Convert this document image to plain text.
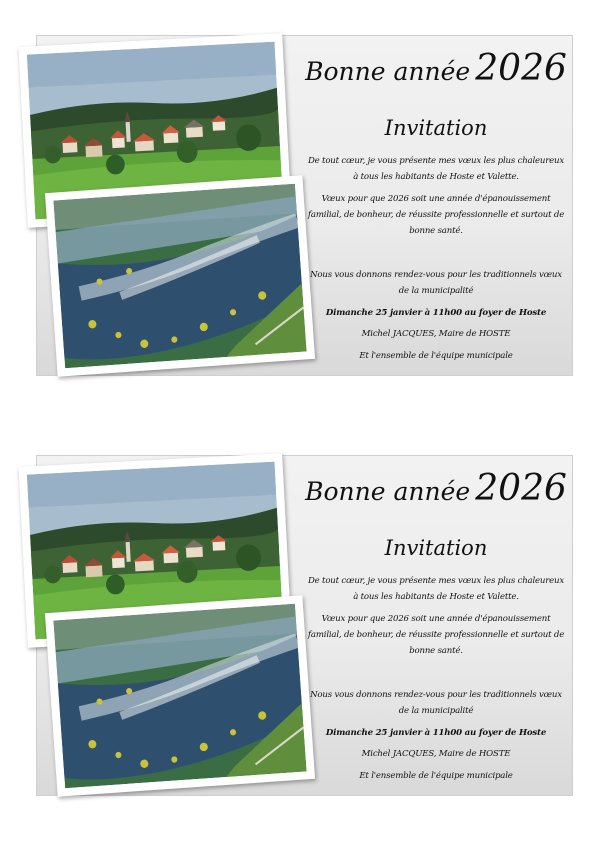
Bonne année 2026
Invitation
De tout cœur, je vous présente mes vœux les plus chaleureux à tous les habitants de Hoste et Valette.
Vœux pour que 2026 soit une année d'épanouissement familial, de bonheur, de réussite professionnelle et surtout de bonne santé.
Nous vous donnons rendez-vous pour les traditionnels vœux de la municipalité
Dimanche 25 janvier à 11h00 au foyer de Hoste
Michel JACQUES, Maire de HOSTE
Et l'ensemble de l'équipe municipale
Bonne année 2026
Invitation
De tout cœur, je vous présente mes vœux les plus chaleureux à tous les habitants de Hoste et Valette.
Vœux pour que 2026 soit une année d'épanouissement familial, de bonheur, de réussite professionnelle et surtout de bonne santé.
Nous vous donnons rendez-vous pour les traditionnels vœux de la municipalité
Dimanche 25 janvier à 11h00 au foyer de Hoste
Michel JACQUES, Maire de HOSTE
Et l'ensemble de l'équipe municipale
